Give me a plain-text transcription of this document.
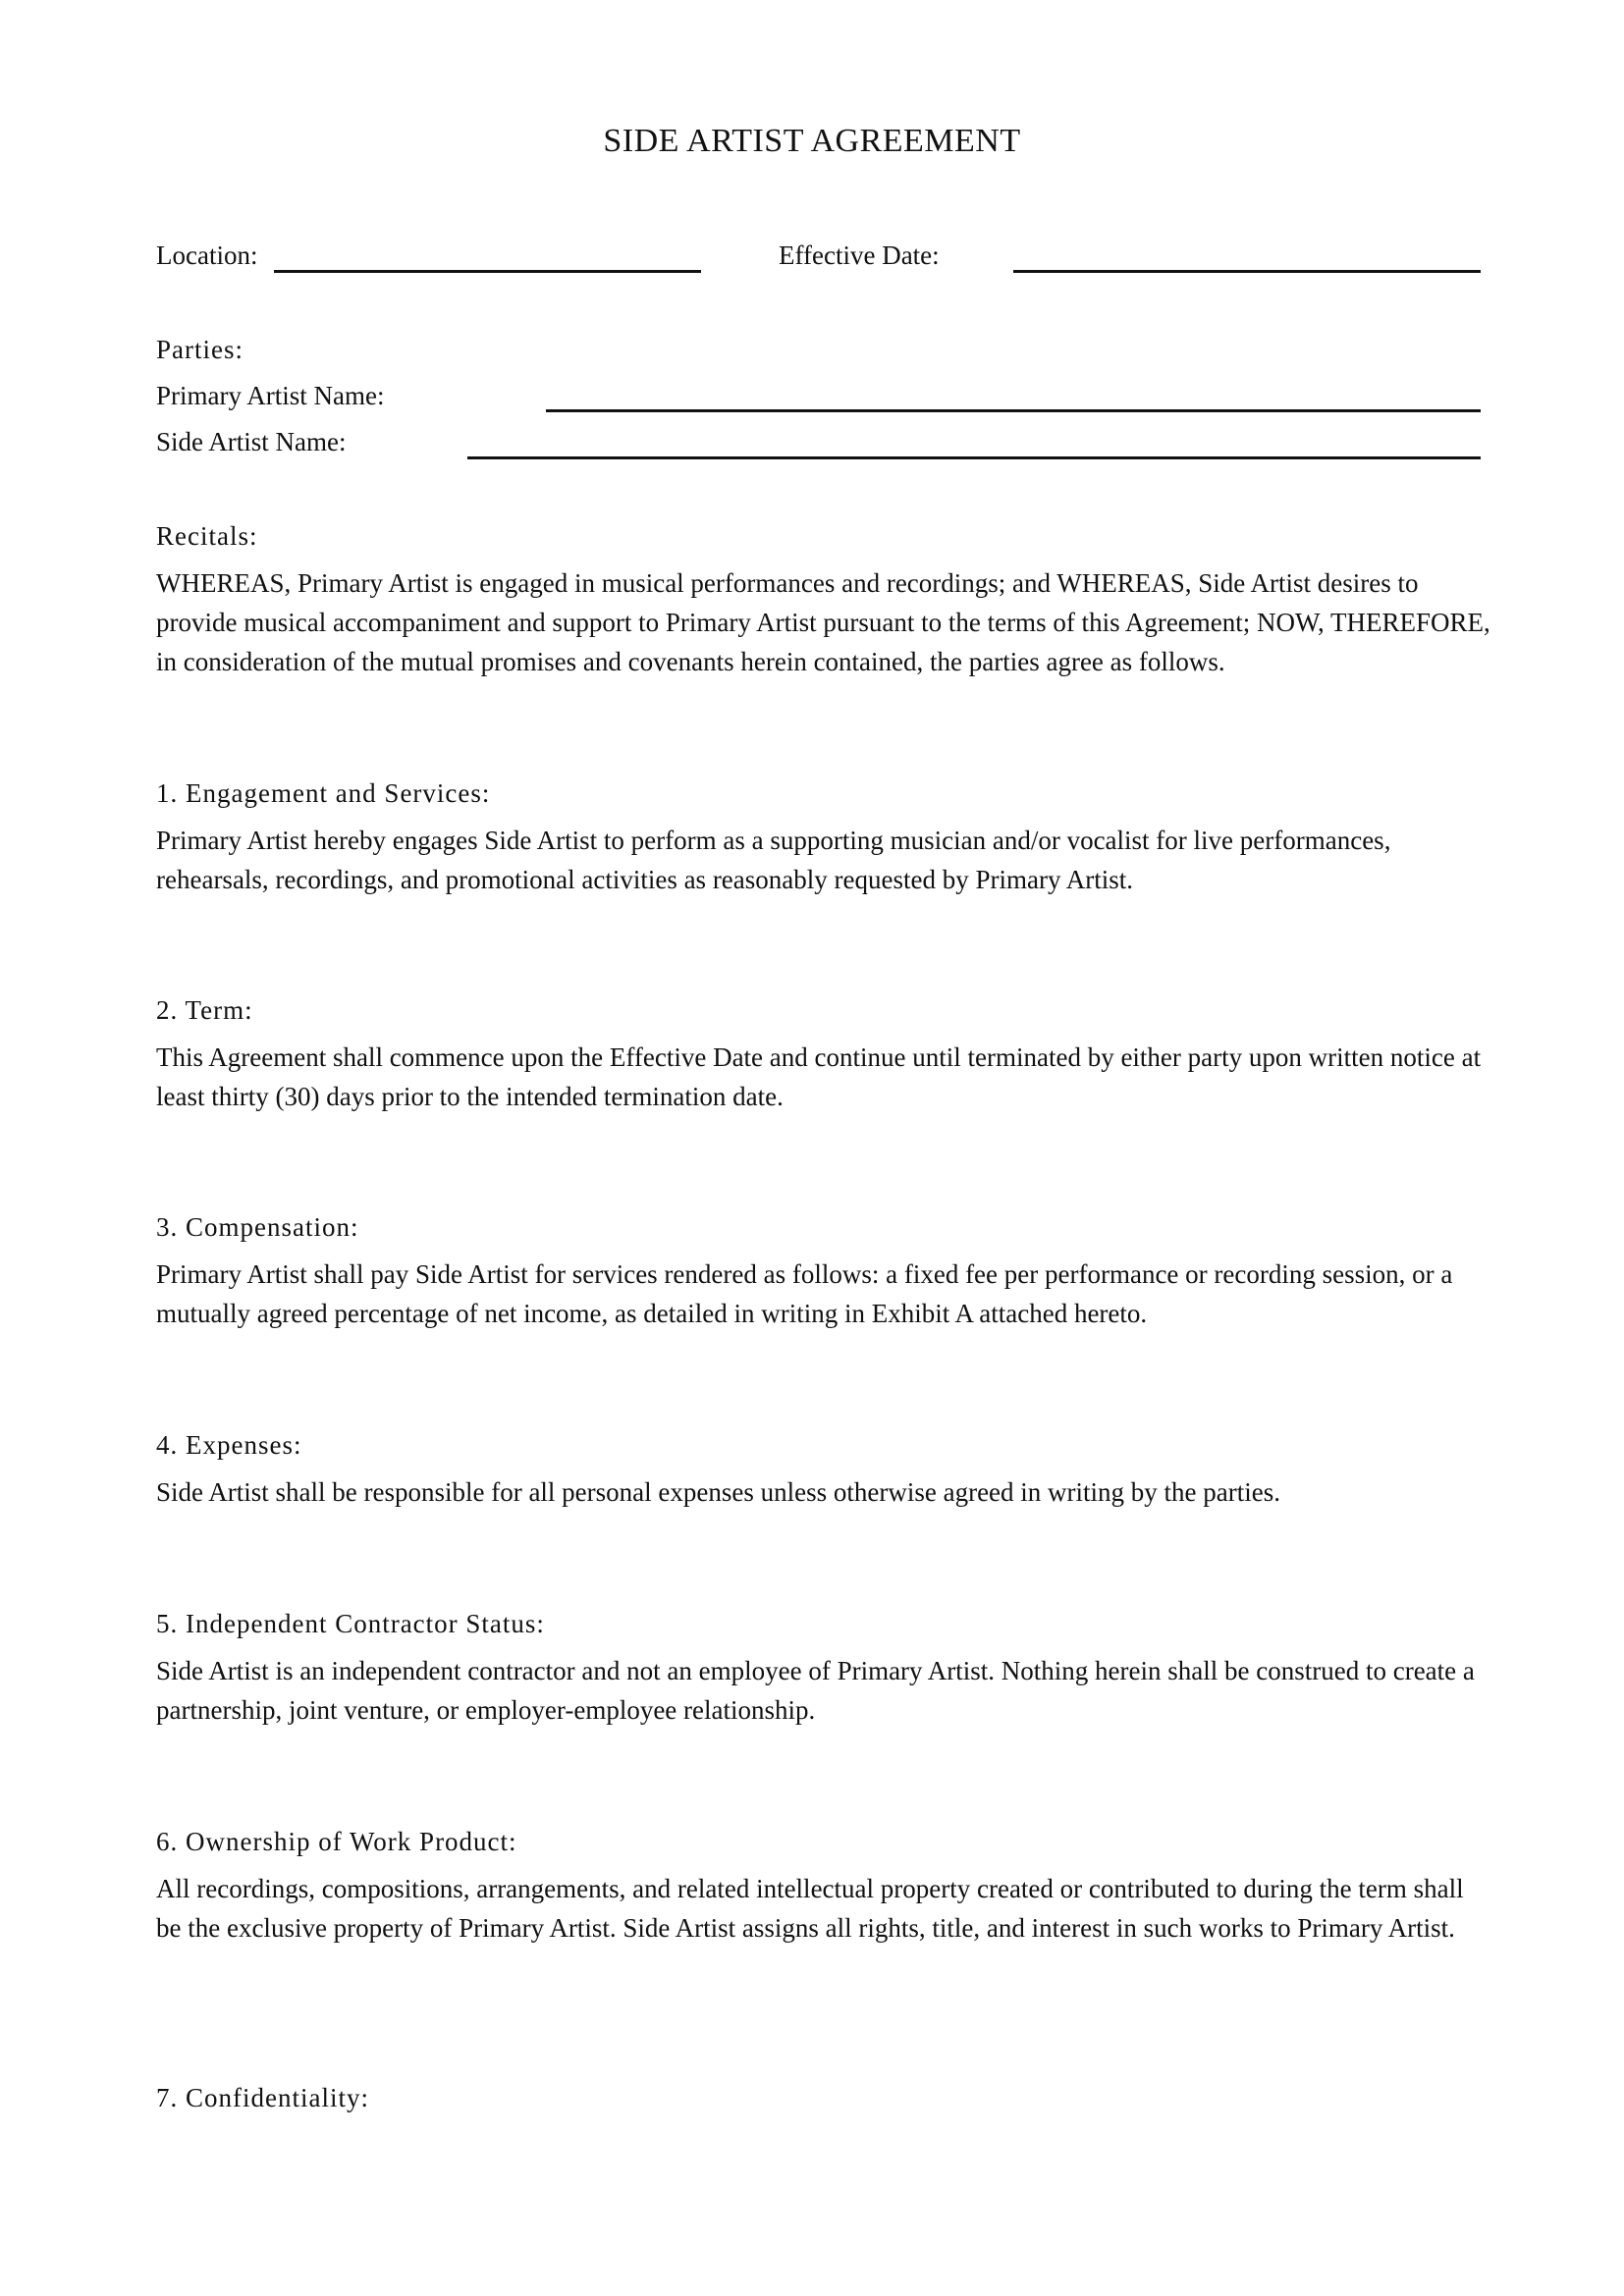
SIDE ARTIST AGREEMENT
Location:	Effective Date:
Parties:
Primary Artist Name:
Side Artist Name:
Recitals:
WHEREAS, Primary Artist is engaged in musical performances and recordings; and WHEREAS, Side Artist desires to provide musical accompaniment and support to Primary Artist pursuant to the terms of this Agreement; NOW, THEREFORE, in consideration of the mutual promises and covenants herein contained, the parties agree as follows.
1. Engagement and Services:
Primary Artist hereby engages Side Artist to perform as a supporting musician and/or vocalist for live performances, rehearsals, recordings, and promotional activities as reasonably requested by Primary Artist.
2. Term:
This Agreement shall commence upon the Effective Date and continue until terminated by either party upon written notice at least thirty (30) days prior to the intended termination date.
3. Compensation:
Primary Artist shall pay Side Artist for services rendered as follows: a fixed fee per performance or recording session, or a mutually agreed percentage of net income, as detailed in writing in Exhibit A attached hereto.
4. Expenses:
Side Artist shall be responsible for all personal expenses unless otherwise agreed in writing by the parties.
5. Independent Contractor Status:
Side Artist is an independent contractor and not an employee of Primary Artist. Nothing herein shall be construed to create a partnership, joint venture, or employer-employee relationship.
6. Ownership of Work Product:
All recordings, compositions, arrangements, and related intellectual property created or contributed to during the term shall be the exclusive property of Primary Artist. Side Artist assigns all rights, title, and interest in such works to Primary Artist.
7. Confidentiality:
